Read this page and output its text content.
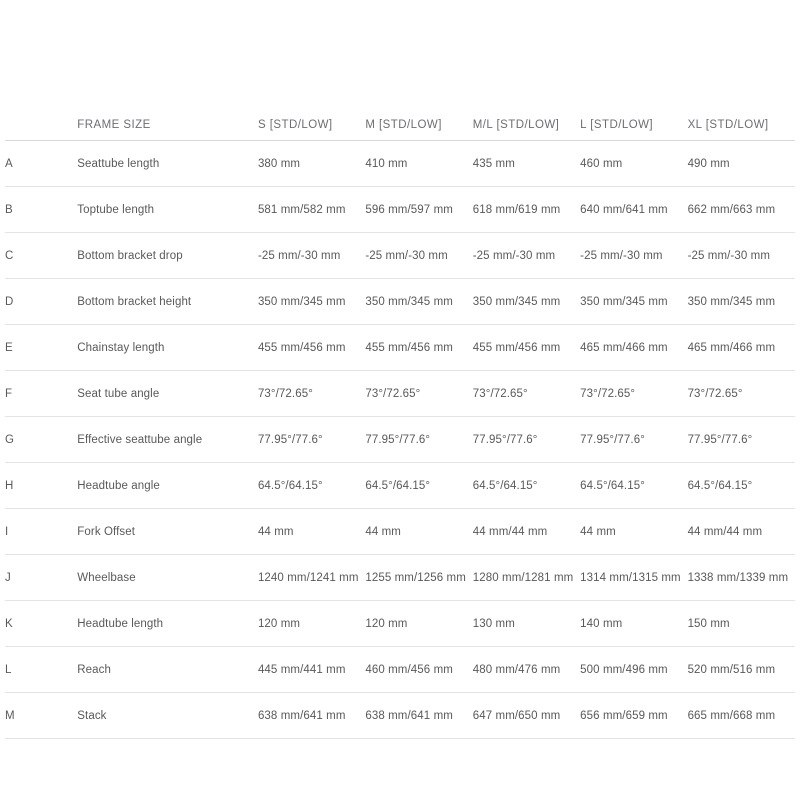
	FRAME SIZE	S [STD/LOW]	M [STD/LOW]	M/L [STD/LOW]	L [STD/LOW]	XL [STD/LOW]
A	Seattube length	380 mm	410 mm	435 mm	460 mm	490 mm
B	Toptube length	581 mm/582 mm	596 mm/597 mm	618 mm/619 mm	640 mm/641 mm	662 mm/663 mm
C	Bottom bracket drop	-25 mm/-30 mm	-25 mm/-30 mm	-25 mm/-30 mm	-25 mm/-30 mm	-25 mm/-30 mm
D	Bottom bracket height	350 mm/345 mm	350 mm/345 mm	350 mm/345 mm	350 mm/345 mm	350 mm/345 mm
E	Chainstay length	455 mm/456 mm	455 mm/456 mm	455 mm/456 mm	465 mm/466 mm	465 mm/466 mm
F	Seat tube angle	73°/72.65°	73°/72.65°	73°/72.65°	73°/72.65°	73°/72.65°
G	Effective seattube angle	77.95°/77.6°	77.95°/77.6°	77.95°/77.6°	77.95°/77.6°	77.95°/77.6°
H	Headtube angle	64.5°/64.15°	64.5°/64.15°	64.5°/64.15°	64.5°/64.15°	64.5°/64.15°
I	Fork Offset	44 mm	44 mm	44 mm/44 mm	44 mm	44 mm/44 mm
J	Wheelbase	1240 mm/1241 mm	1255 mm/1256 mm	1280 mm/1281 mm	1314 mm/1315 mm	1338 mm/1339 mm
K	Headtube length	120 mm	120 mm	130 mm	140 mm	150 mm
L	Reach	445 mm/441 mm	460 mm/456 mm	480 mm/476 mm	500 mm/496 mm	520 mm/516 mm
M	Stack	638 mm/641 mm	638 mm/641 mm	647 mm/650 mm	656 mm/659 mm	665 mm/668 mm
